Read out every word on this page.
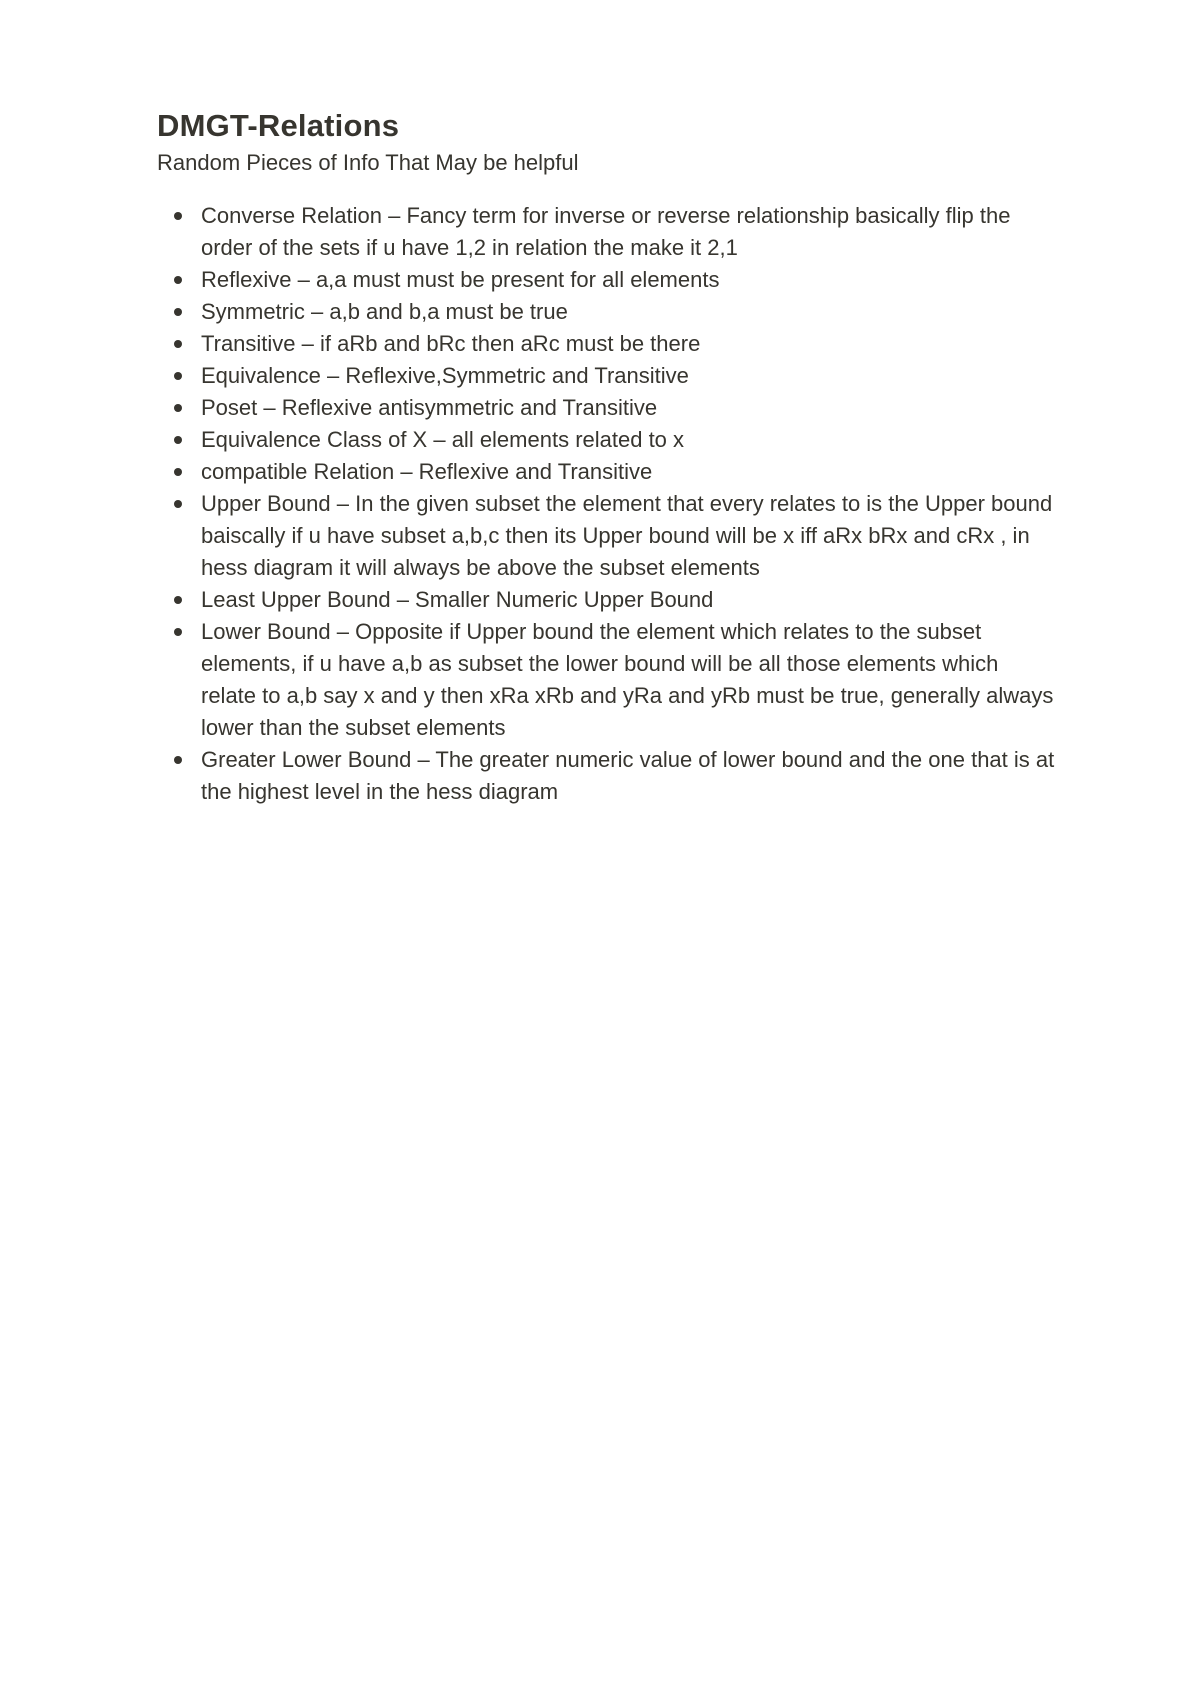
DMGT-Relations
Random Pieces of Info That May be helpful
Converse Relation – Fancy term for inverse or reverse relationship basically flip the order of the sets if u have 1,2 in relation the make it 2,1
Reflexive – a,a must must be present for all elements
Symmetric – a,b and b,a must be true
Transitive – if aRb and bRc then aRc must be there
Equivalence – Reflexive,Symmetric and Transitive
Poset – Reflexive antisymmetric and Transitive
Equivalence Class of X – all elements related to x
compatible Relation – Reflexive and Transitive
Upper Bound – In the given subset the element that every relates to is the Upper bound baiscally if u have subset a,b,c then its Upper bound will be x iff aRx bRx and cRx , in hess diagram it will always be above the subset elements
Least Upper Bound – Smaller Numeric Upper Bound
Lower Bound – Opposite if Upper bound the element which relates to the subset elements, if u have a,b as subset the lower bound will be all those elements which relate to a,b say x and y then xRa xRb and yRa and yRb must be true, generally always lower than the subset elements
Greater Lower Bound – The greater numeric value of lower bound and the one that is at the highest level in the hess diagram
